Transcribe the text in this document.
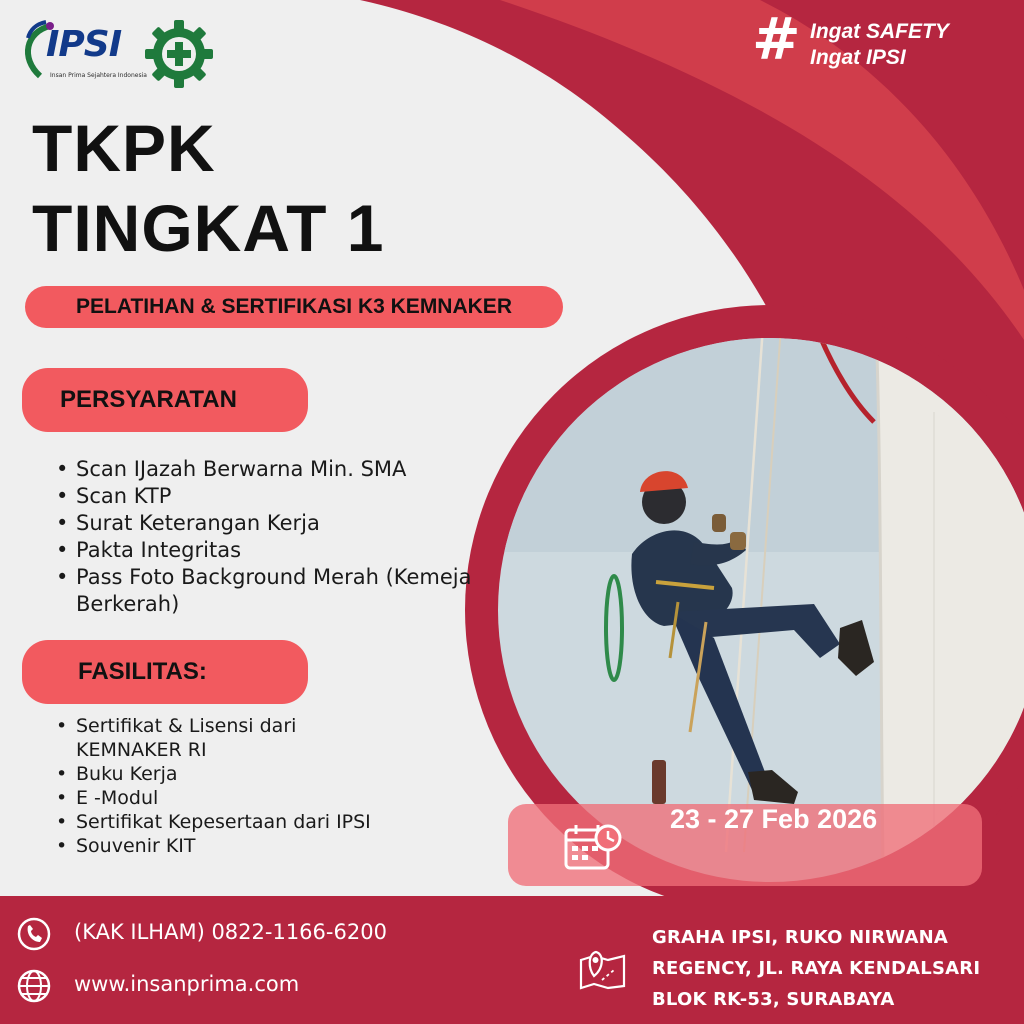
IPSI
Insan Prima Sejahtera Indonesia
# Ingat SAFETY
Ingat IPSI
TKPK
TINGKAT 1
PELATIHAN & SERTIFIKASI K3 KEMNAKER
PERSYARATAN
• Scan IJazah Berwarna Min. SMA
• Scan KTP
• Surat Keterangan Kerja
• Pakta Integritas
• Pass Foto Background Merah (Kemeja Berkerah)
FASILITAS:
• Sertifikat & Lisensi dari KEMNAKER RI
• Buku Kerja
• E -Modul
• Sertifikat Kepesertaan dari IPSI
• Souvenir KIT
23 - 27 Feb 2026
(KAK ILHAM) 0822-1166-6200
www.insanprima.com
GRAHA IPSI, RUKO NIRWANA
REGENCY, JL. RAYA KENDALSARI
BLOK RK-53, SURABAYA
